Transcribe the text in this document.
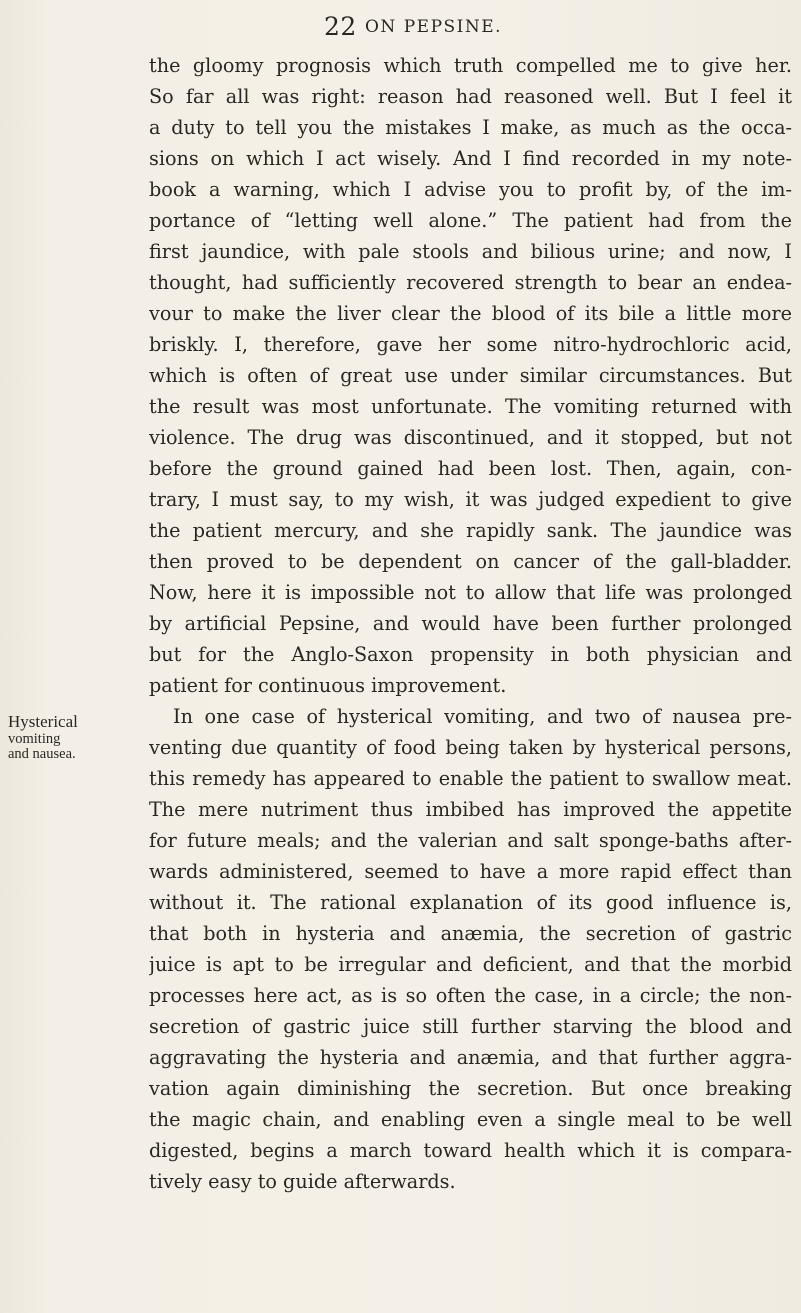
22 ON PEPSINE.
Hysterical
vomiting
and nausea.
the gloomy prognosis which truth compelled me to give her.
So far all was right: reason had reasoned well. But I feel it
a duty to tell you the mistakes I make, as much as the occa-
sions on which I act wisely. And I find recorded in my note-
book a warning, which I advise you to profit by, of the im-
portance of “letting well alone.” The patient had from the
first jaundice, with pale stools and bilious urine; and now, I
thought, had sufficiently recovered strength to bear an endea-
vour to make the liver clear the blood of its bile a little more
briskly. I, therefore, gave her some nitro-hydrochloric acid,
which is often of great use under similar circumstances. But
the result was most unfortunate. The vomiting returned with
violence. The drug was discontinued, and it stopped, but not
before the ground gained had been lost. Then, again, con-
trary, I must say, to my wish, it was judged expedient to give
the patient mercury, and she rapidly sank. The jaundice was
then proved to be dependent on cancer of the gall-bladder.
Now, here it is impossible not to allow that life was prolonged
by artificial Pepsine, and would have been further prolonged
but for the Anglo-Saxon propensity in both physician and
patient for continuous improvement.
In one case of hysterical vomiting, and two of nausea pre-
venting due quantity of food being taken by hysterical persons,
this remedy has appeared to enable the patient to swallow meat.
The mere nutriment thus imbibed has improved the appetite
for future meals; and the valerian and salt sponge-baths after-
wards administered, seemed to have a more rapid effect than
without it. The rational explanation of its good influence is,
that both in hysteria and anæmia, the secretion of gastric
juice is apt to be irregular and deficient, and that the morbid
processes here act, as is so often the case, in a circle; the non-
secretion of gastric juice still further starving the blood and
aggravating the hysteria and anæmia, and that further aggra-
vation again diminishing the secretion. But once breaking
the magic chain, and enabling even a single meal to be well
digested, begins a march toward health which it is compara-
tively easy to guide afterwards.
